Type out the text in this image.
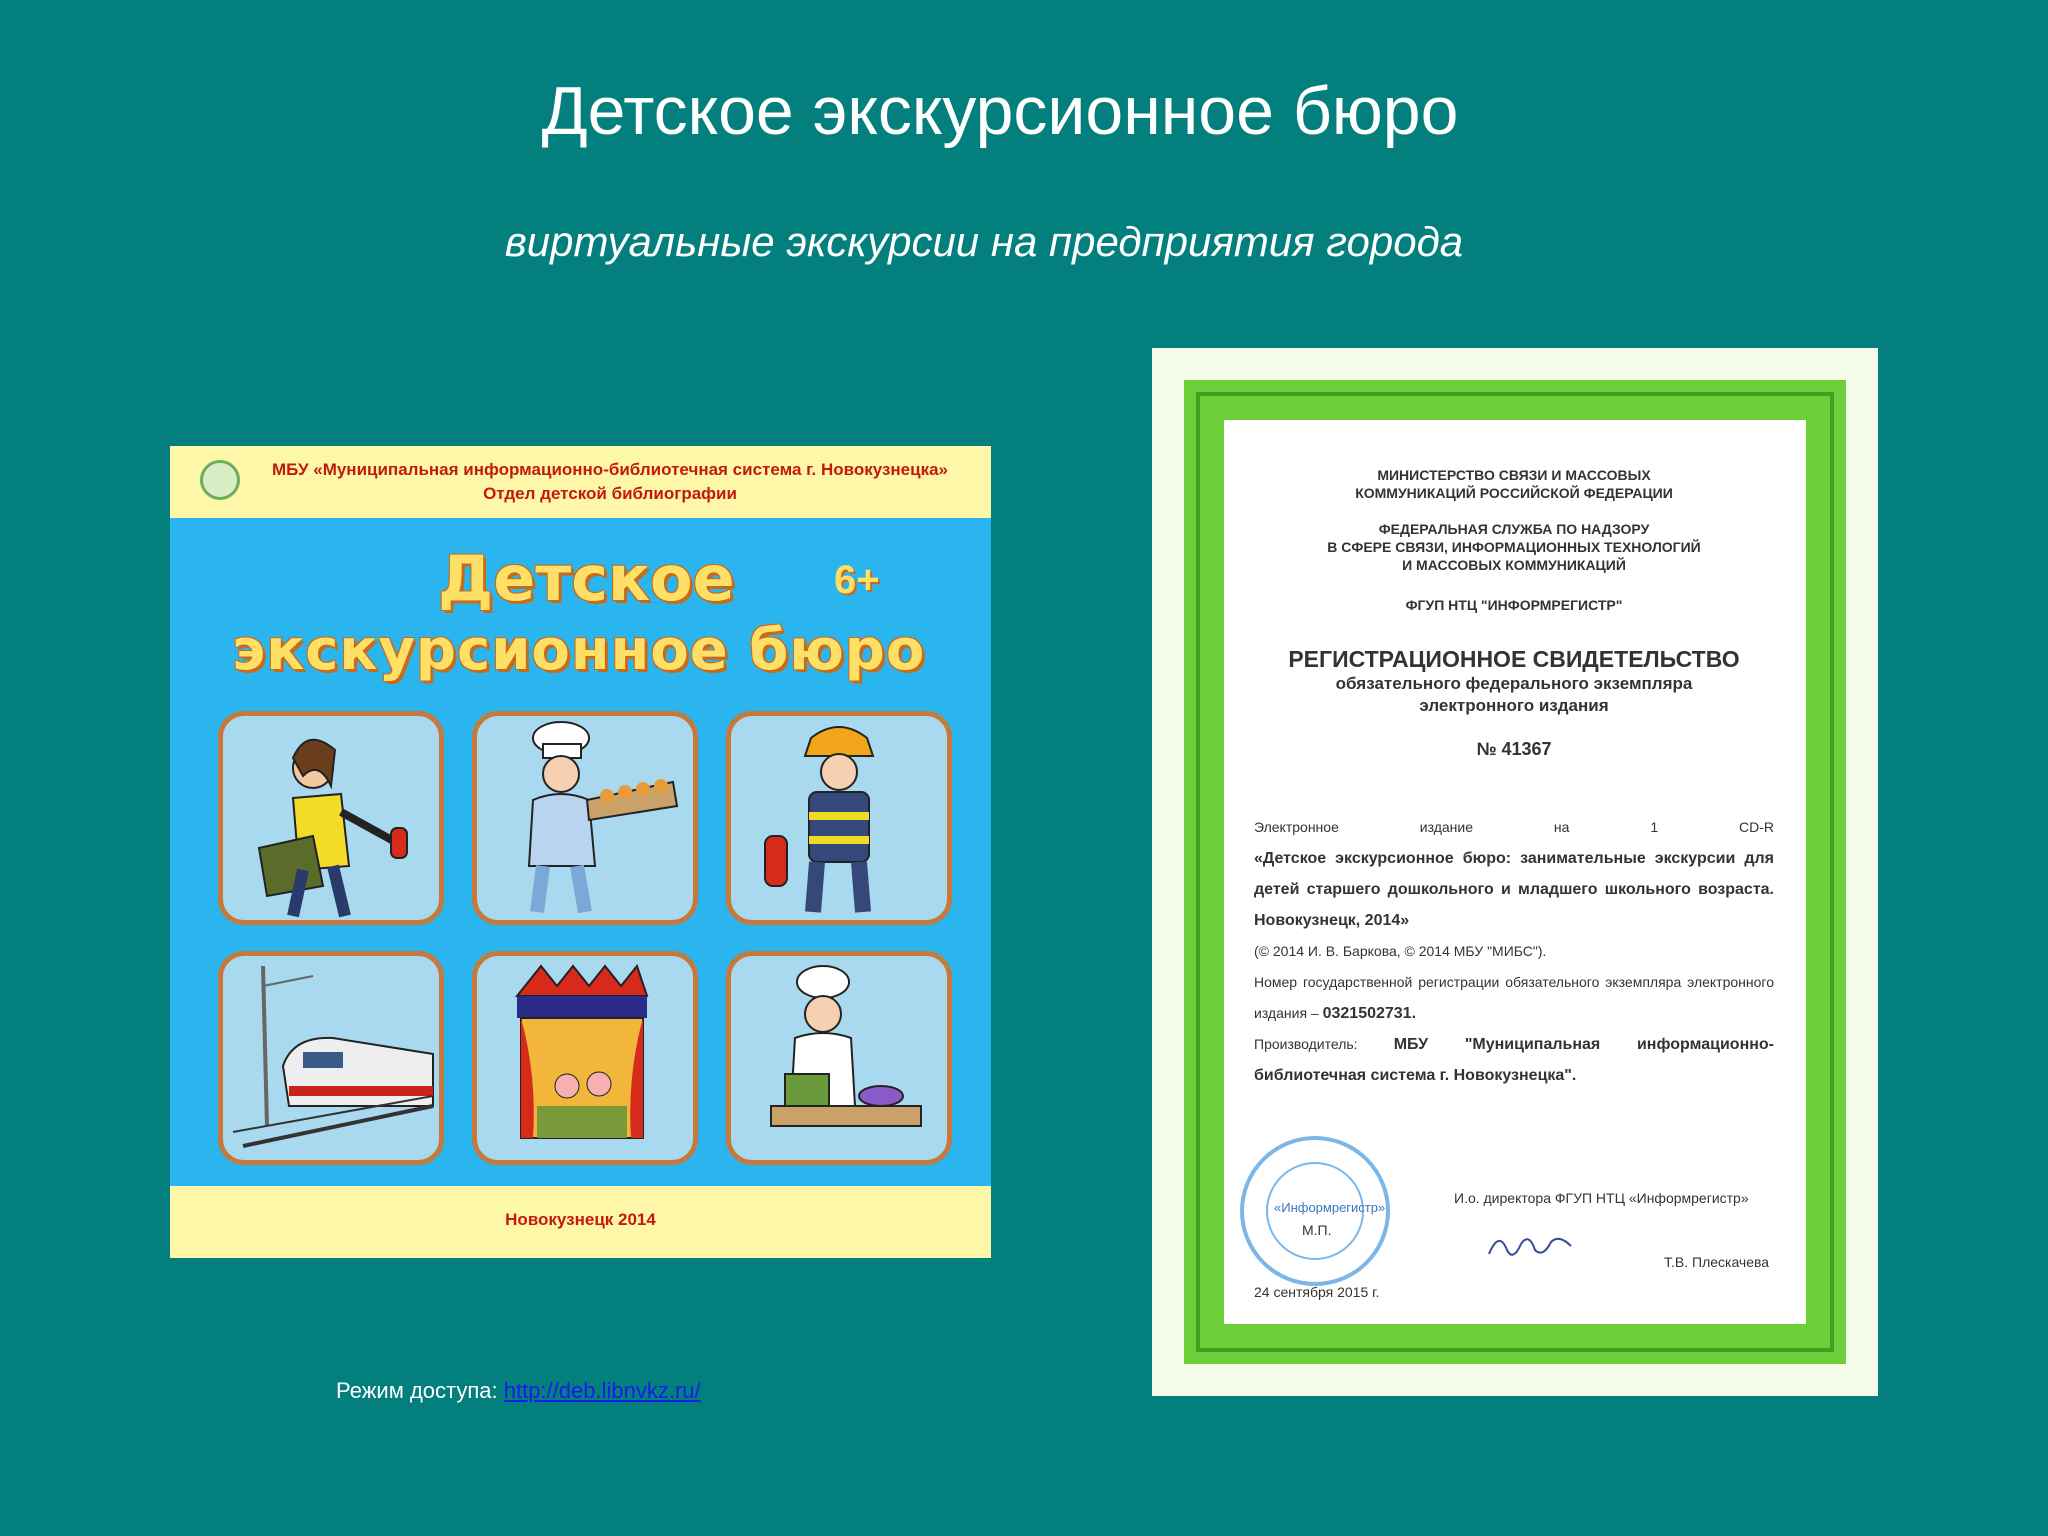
Детское экскурсионное бюро
виртуальные экскурсии на предприятия города
МБУ «Муниципальная информационно-библиотечная система г. Новокузнецка»
Отдел детской библиографии
Детское 6+
экскурсионное бюро
Новокузнецк 2014
МИНИСТЕРСТВО СВЯЗИ И МАССОВЫХ
КОММУНИКАЦИЙ РОССИЙСКОЙ ФЕДЕРАЦИИ
ФЕДЕРАЛЬНАЯ СЛУЖБА ПО НАДЗОРУ
В СФЕРЕ СВЯЗИ, ИНФОРМАЦИОННЫХ ТЕХНОЛОГИЙ
И МАССОВЫХ КОММУНИКАЦИЙ
ФГУП НТЦ "ИНФОРМРЕГИСТР"
РЕГИСТРАЦИОННОЕ СВИДЕТЕЛЬСТВО
обязательного федерального экземпляра
электронного издания
№ 41367
Электронное издание на 1 CD-R
«Детское экскурсионное бюро: занимательные экскурсии для детей старшего дошкольного и младшего школьного возраста. Новокузнецк, 2014»
(© 2014 И. В. Баркова, © 2014 МБУ "МИБС").
Номер государственной регистрации обязательного экземпляра электронного издания – 0321502731.
Производитель: МБУ "Муниципальная информационно-библиотечная система г. Новокузнецка".
«Информрегистр»
И.о. директора ФГУП НТЦ «Информрегистр»
М.П.
Т.В. Плескачева
24 сентября 2015 г.
Режим доступа: http://deb.libnvkz.ru/
